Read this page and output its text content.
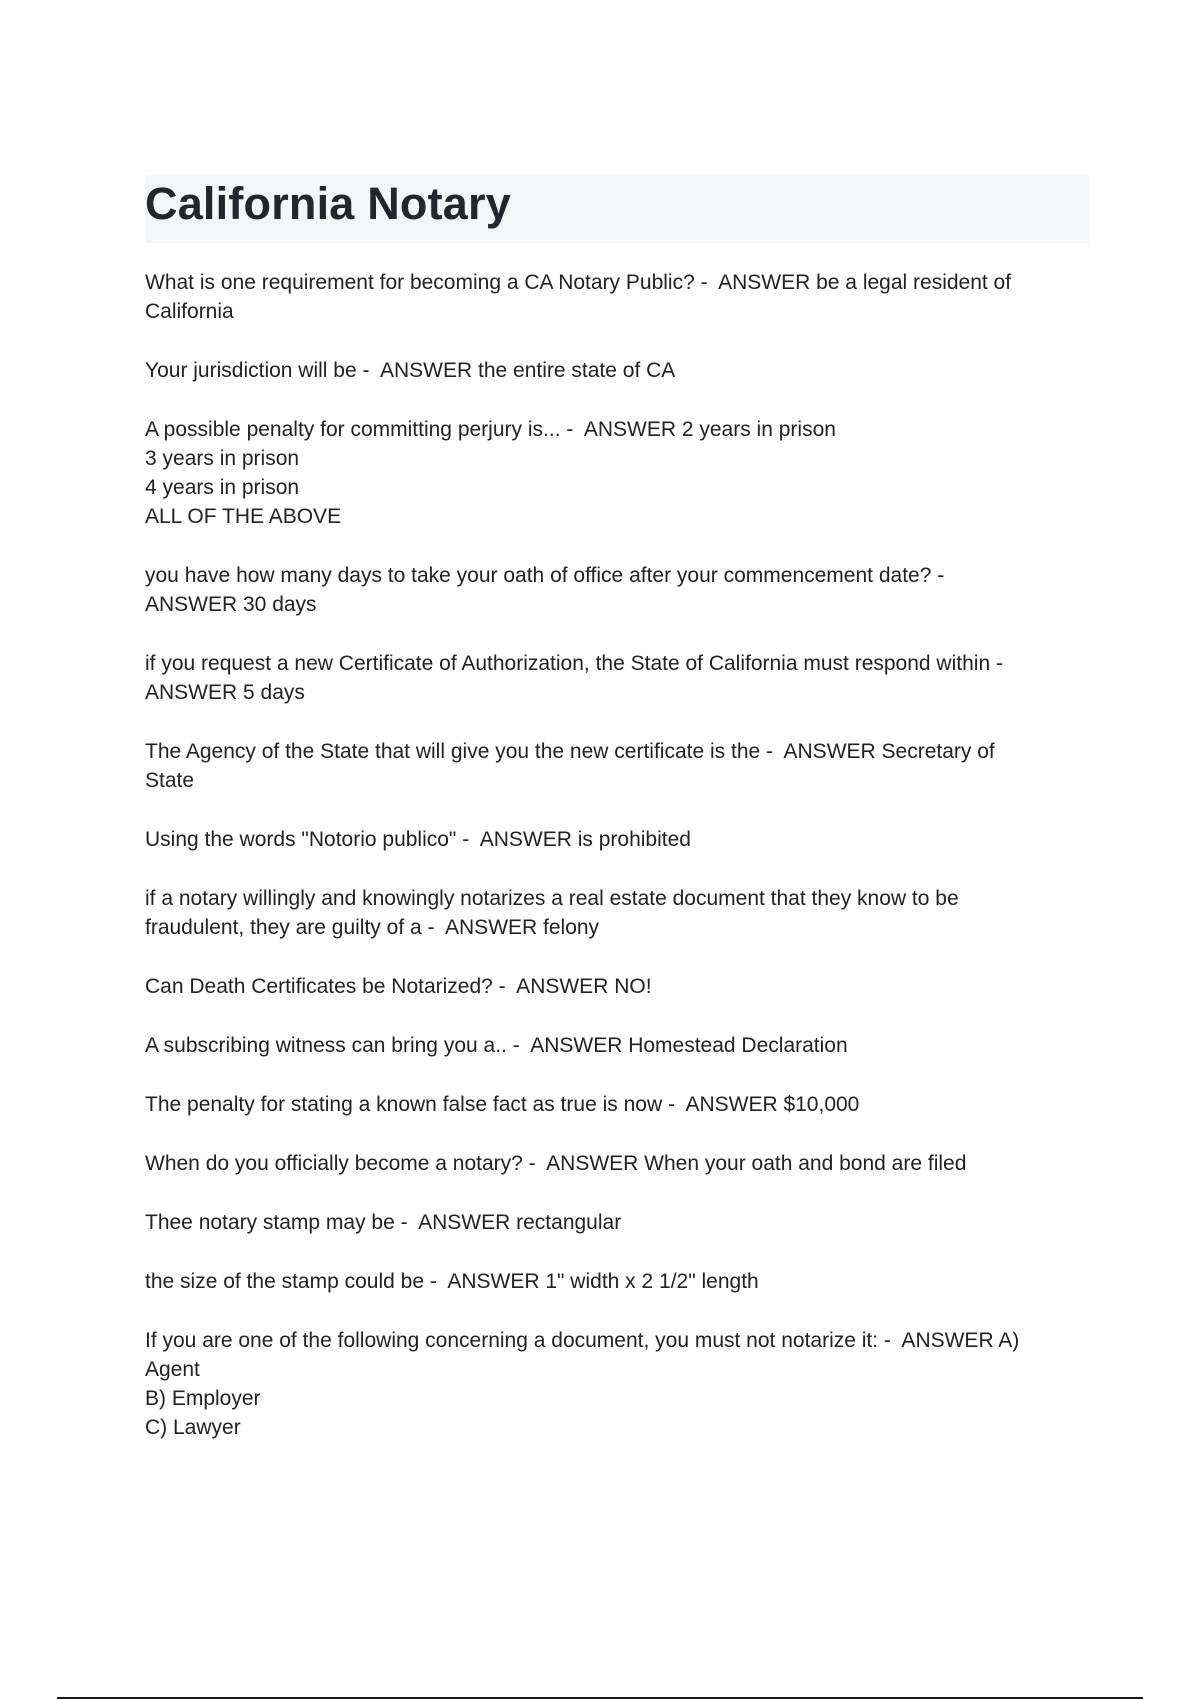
California Notary
What is one requirement for becoming a CA Notary Public? -  ANSWER be a legal resident of
California
Your jurisdiction will be -  ANSWER the entire state of CA
A possible penalty for committing perjury is... -  ANSWER 2 years in prison
3 years in prison
4 years in prison
ALL OF THE ABOVE
you have how many days to take your oath of office after your commencement date? -
ANSWER 30 days
if you request a new Certificate of Authorization, the State of California must respond within -
ANSWER 5 days
The Agency of the State that will give you the new certificate is the -  ANSWER Secretary of
State
Using the words "Notorio publico" -  ANSWER is prohibited
if a notary willingly and knowingly notarizes a real estate document that they know to be
fraudulent, they are guilty of a -  ANSWER felony
Can Death Certificates be Notarized? -  ANSWER NO!
A subscribing witness can bring you a.. -  ANSWER Homestead Declaration
The penalty for stating a known false fact as true is now -  ANSWER $10,000
When do you officially become a notary? -  ANSWER When your oath and bond are filed
Thee notary stamp may be -  ANSWER rectangular
the size of the stamp could be -  ANSWER 1" width x 2 1/2" length
If you are one of the following concerning a document, you must not notarize it: -  ANSWER A)
Agent
B) Employer
C) Lawyer
